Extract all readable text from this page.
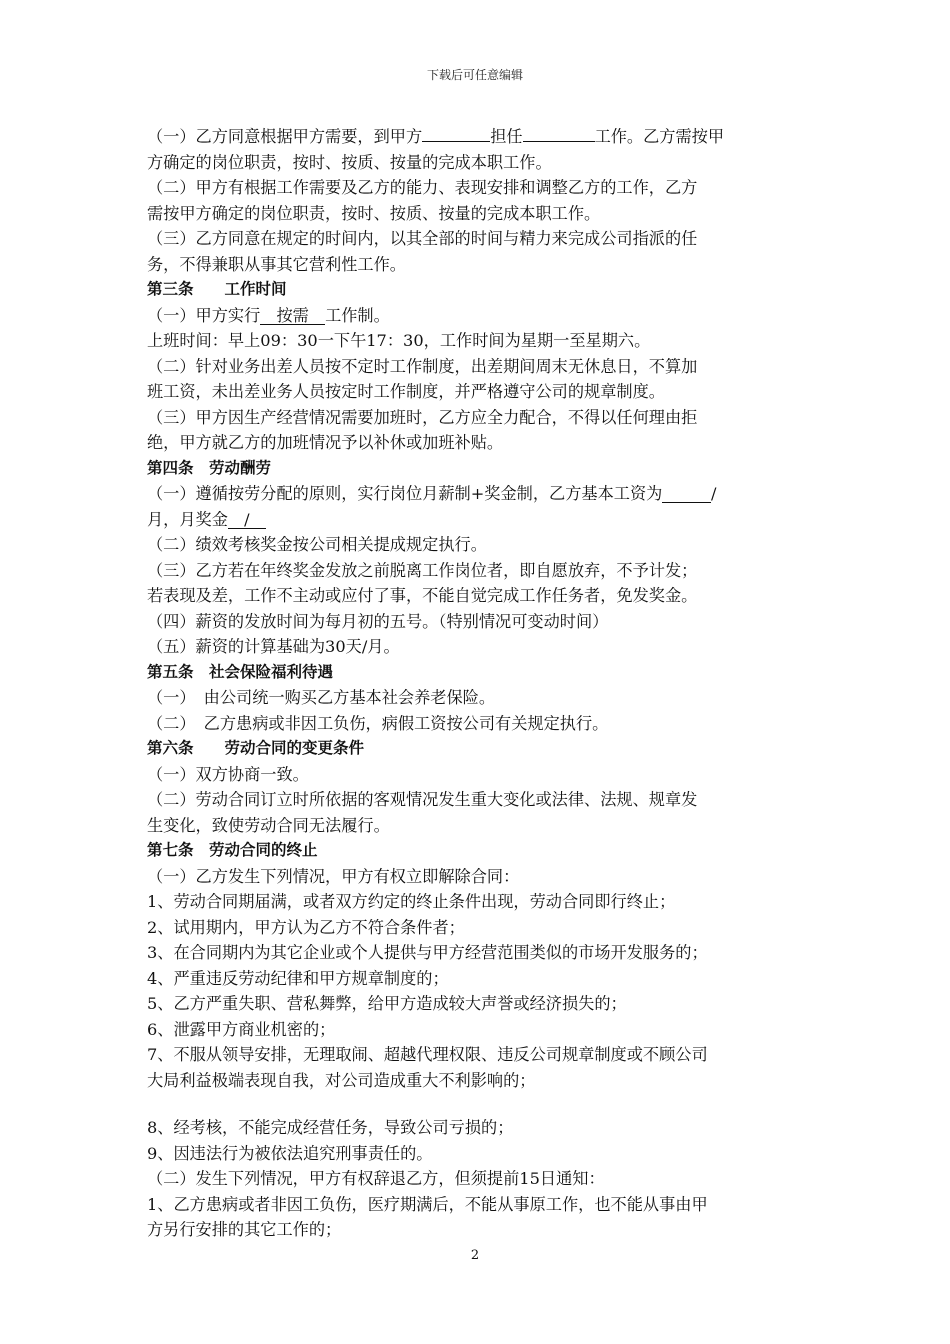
下载后可任意编辑
（一）乙方同意根据甲方需要，到甲方	担任	工作。乙方需按甲
方确定的岗位职责，按时、按质、按量的完成本职工作。
（二）甲方有根据工作需要及乙方的能力、表现安排和调整乙方的工作，乙方
需按甲方确定的岗位职责，按时、按质、按量的完成本职工作。
（三）乙方同意在规定的时间内，以其全部的时间与精力来完成公司指派的任
务，不得兼职从事其它营利性工作。
第三条　　工作时间
（一）甲方实行　按需　工作制。
上班时间：早上09：30一下午17：30，工作时间为星期一至星期六。
（二）针对业务出差人员按不定时工作制度，出差期间周末无休息日，不算加
班工资，未出差业务人员按定时工作制度，并严格遵守公司的规章制度。
（三）甲方因生产经营情况需要加班时，乙方应全力配合，不得以任何理由拒
绝，甲方就乙方的加班情况予以补休或加班补贴。
第四条　劳动酬劳
（一）遵循按劳分配的原则，实行岗位月薪制+奖金制，乙方基本工资为　　　	/
月，月奖金　/　
（二）绩效考核奖金按公司相关提成规定执行。
（三）乙方若在年终奖金发放之前脱离工作岗位者，即自愿放弃，不予计发；
若表现及差，工作不主动或应付了事，不能自觉完成工作任务者，免发奖金。
（四）薪资的发放时间为每月初的五号。（特别情况可变动时间）
（五）薪资的计算基础为30天/月。
第五条　社会保险福利待遇
（一）　由公司统一购买乙方基本社会养老保险。
（二）　乙方患病或非因工负伤，病假工资按公司有关规定执行。
第六条　　劳动合同的变更条件
（一）双方协商一致。
（二）劳动合同订立时所依据的客观情况发生重大变化或法律、法规、规章发
生变化，致使劳动合同无法履行。
第七条　劳动合同的终止
（一）乙方发生下列情况，甲方有权立即解除合同：
1、劳动合同期届满，或者双方约定的终止条件出现，劳动合同即行终止；
2、试用期内，甲方认为乙方不符合条件者；
3、在合同期内为其它企业或个人提供与甲方经营范围类似的市场开发服务的；
4、严重违反劳动纪律和甲方规章制度的；
5、乙方严重失职、营私舞弊，给甲方造成较大声誉或经济损失的；
6、泄露甲方商业机密的；
7、不服从领导安排，无理取闹、超越代理权限、违反公司规章制度或不顾公司
大局利益极端表现自我，对公司造成重大不利影响的；
8、经考核，不能完成经营任务，导致公司亏损的；
9、因违法行为被依法追究刑事责任的。
（二）发生下列情况，甲方有权辞退乙方，但须提前15日通知：
1、乙方患病或者非因工负伤，医疗期满后，不能从事原工作，也不能从事由甲
方另行安排的其它工作的；
2
